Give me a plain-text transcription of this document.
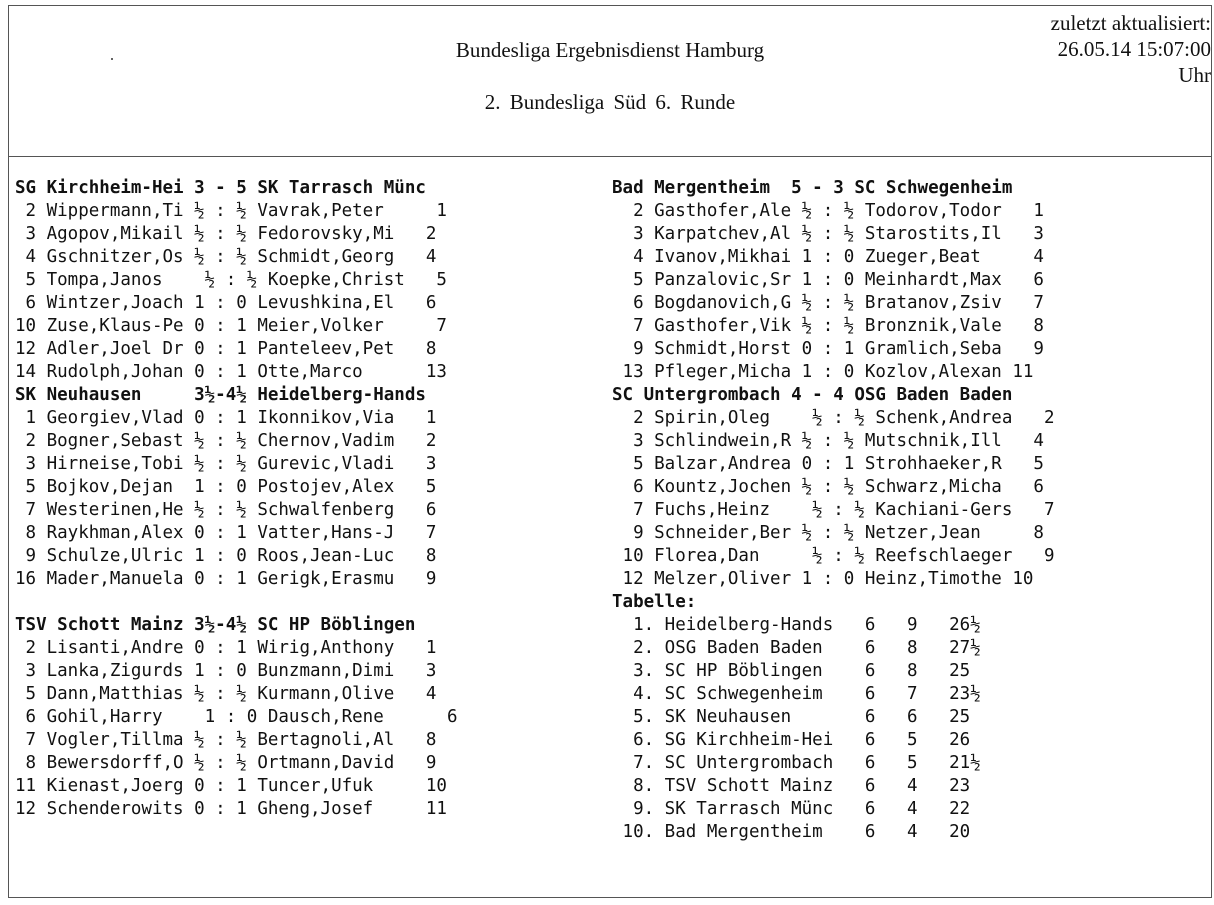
Bundesliga Ergebnisdienst Hamburg
2. Bundesliga Süd 6. Runde
zuletzt aktualisiert:
26.05.14 15:07:00
Uhr
SG Kirchheim-Hei 3 - 5 SK Tarrasch Münc
2 Wippermann,Ti ½ : ½ Vavrak,Peter     1
3 Agopov,Mikail ½ : ½ Fedorovsky,Mi   2
4 Gschnitzer,Os ½ : ½ Schmidt,Georg   4
5 Tompa,Janos    ½ : ½ Koepke,Christ   5
6 Wintzer,Joach 1 : 0 Levushkina,El   6
10 Zuse,Klaus-Pe 0 : 1 Meier,Volker     7
12 Adler,Joel Dr 0 : 1 Panteleev,Pet   8
14 Rudolph,Johan 0 : 1 Otte,Marco      13
SK Neuhausen     3½-4½ Heidelberg-Hands
1 Georgiev,Vlad 0 : 1 Ikonnikov,Via   1
2 Bogner,Sebast ½ : ½ Chernov,Vadim   2
3 Hirneise,Tobi ½ : ½ Gurevic,Vladi   3
5 Bojkov,Dejan  1 : 0 Postojev,Alex   5
7 Westerinen,He ½ : ½ Schwalfenberg   6
8 Raykhman,Alex 0 : 1 Vatter,Hans-J   7
9 Schulze,Ulric 1 : 0 Roos,Jean-Luc   8
16 Mader,Manuela 0 : 1 Gerigk,Erasmu   9
TSV Schott Mainz 3½-4½ SC HP Böblingen
2 Lisanti,Andre 0 : 1 Wirig,Anthony   1
3 Lanka,Zigurds 1 : 0 Bunzmann,Dimi   3
5 Dann,Matthias ½ : ½ Kurmann,Olive   4
6 Gohil,Harry    1 : 0 Dausch,Rene      6
7 Vogler,Tillma ½ : ½ Bertagnoli,Al   8
8 Bewersdorff,O ½ : ½ Ortmann,David   9
11 Kienast,Joerg 0 : 1 Tuncer,Ufuk     10
12 Schenderowits 0 : 1 Gheng,Josef     11
Bad Mergentheim  5 - 3 SC Schwegenheim
2 Gasthofer,Ale ½ : ½ Todorov,Todor   1
3 Karpatchev,Al ½ : ½ Starostits,Il   3
4 Ivanov,Mikhai 1 : 0 Zueger,Beat     4
5 Panzalovic,Sr 1 : 0 Meinhardt,Max   6
6 Bogdanovich,G ½ : ½ Bratanov,Zsiv   7
7 Gasthofer,Vik ½ : ½ Bronznik,Vale   8
9 Schmidt,Horst 0 : 1 Gramlich,Seba   9
13 Pfleger,Micha 1 : 0 Kozlov,Alexan 11
SC Untergrombach 4 - 4 OSG Baden Baden
2 Spirin,Oleg    ½ : ½ Schenk,Andrea   2
3 Schlindwein,R ½ : ½ Mutschnik,Ill   4
5 Balzar,Andrea 0 : 1 Strohhaeker,R   5
6 Kountz,Jochen ½ : ½ Schwarz,Micha   6
7 Fuchs,Heinz    ½ : ½ Kachiani-Gers   7
9 Schneider,Ber ½ : ½ Netzer,Jean     8
10 Florea,Dan     ½ : ½ Reefschlaeger   9
12 Melzer,Oliver 1 : 0 Heinz,Timothe 10
Tabelle:
1. Heidelberg-Hands   6   9   26½
2. OSG Baden Baden    6   8   27½
3. SC HP Böblingen    6   8   25
4. SC Schwegenheim    6   7   23½
5. SK Neuhausen       6   6   25
6. SG Kirchheim-Hei   6   5   26
7. SC Untergrombach   6   5   21½
8. TSV Schott Mainz   6   4   23
9. SK Tarrasch Münc   6   4   22
10. Bad Mergentheim    6   4   20
